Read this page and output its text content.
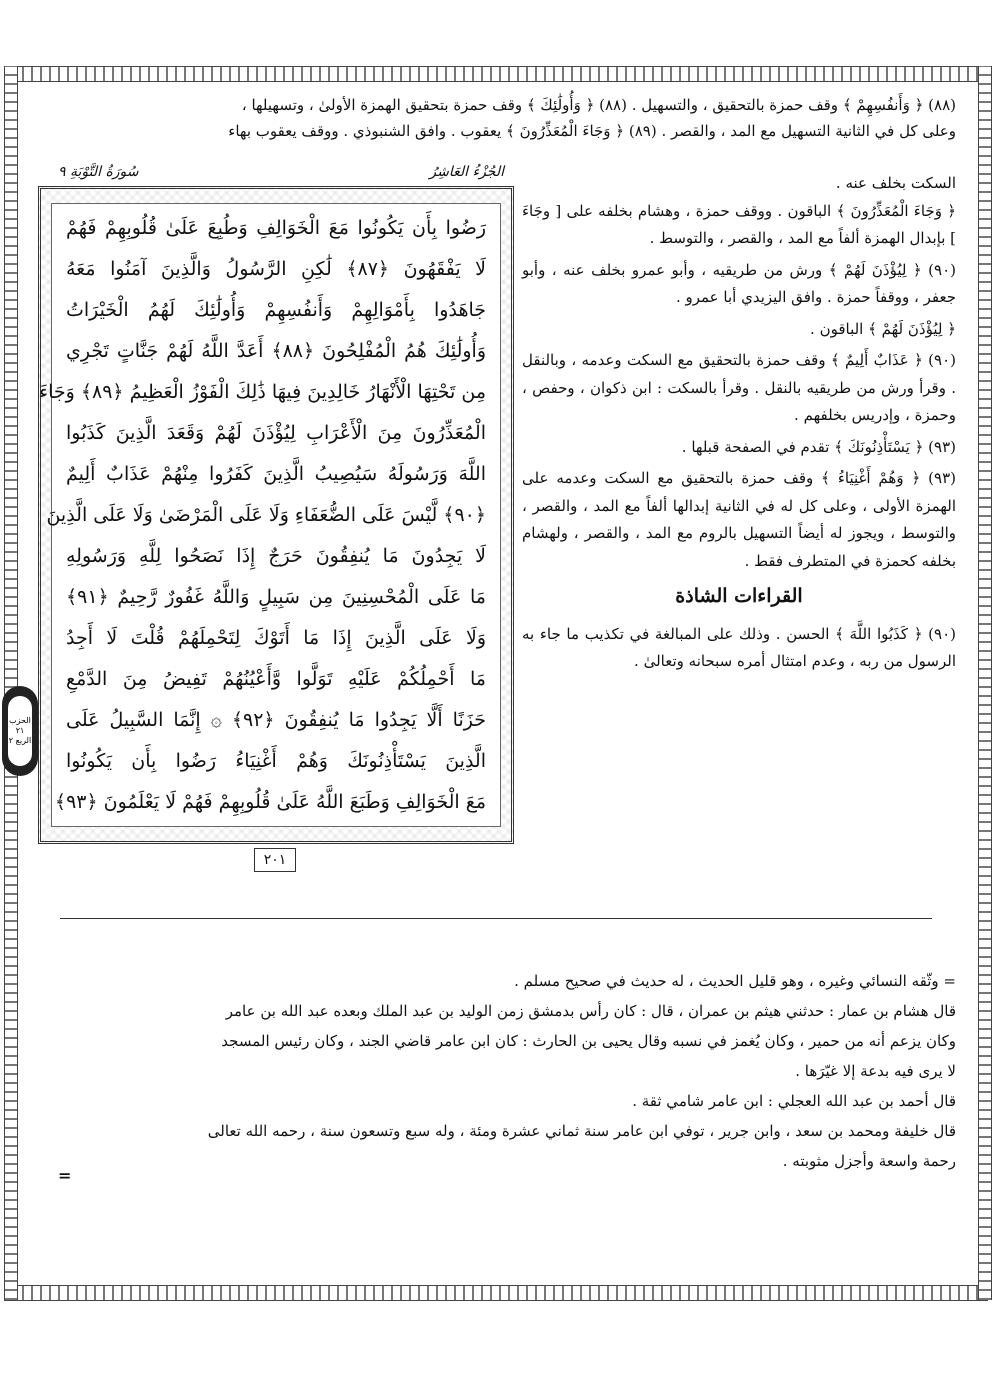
الحزب ٢١ الربع ٢
(٨٨) ﴿ وَأَنفُسِهِمْ ﴾ وقف حمزة بالتحقيق ، والتسهيل . (٨٨) ﴿ وَأُولَٰئِكَ ﴾ وقف حمزة بتحقيق الهمزة الأولىٰ ، وتسهيلها ،
وعلى كل في الثانية التسهيل مع المد ، والقصر . (٨٩) ﴿ وَجَاءَ الْمُعَذِّرُونَ ﴾ يعقوب . وافق الشنبوذي . ووقف يعقوب بهاء
الجُزْءُ العَاشِرُ
سُورَةُ التَّوْبَةِ ٩
رَضُوا بِأَن يَكُونُوا مَعَ الْخَوَالِفِ وَطُبِعَ عَلَىٰ قُلُوبِهِمْ فَهُمْ
لَا يَفْقَهُونَ ﴿٨٧﴾ لَٰكِنِ الرَّسُولُ وَالَّذِينَ آمَنُوا مَعَهُ
جَاهَدُوا بِأَمْوَالِهِمْ وَأَنفُسِهِمْ وَأُولَٰئِكَ لَهُمُ الْخَيْرَاتُ
وَأُولَٰئِكَ هُمُ الْمُفْلِحُونَ ﴿٨٨﴾ أَعَدَّ اللَّهُ لَهُمْ جَنَّاتٍ تَجْرِي
مِن تَحْتِهَا الْأَنْهَارُ خَالِدِينَ فِيهَا ذَٰلِكَ الْفَوْزُ الْعَظِيمُ ﴿٨٩﴾ وَجَاءَ
الْمُعَذِّرُونَ مِنَ الْأَعْرَابِ لِيُؤْذَنَ لَهُمْ وَقَعَدَ الَّذِينَ كَذَبُوا
اللَّهَ وَرَسُولَهُ سَيُصِيبُ الَّذِينَ كَفَرُوا مِنْهُمْ عَذَابٌ أَلِيمٌ
﴿٩٠﴾ لَّيْسَ عَلَى الضُّعَفَاءِ وَلَا عَلَى الْمَرْضَىٰ وَلَا عَلَى الَّذِينَ
لَا يَجِدُونَ مَا يُنفِقُونَ حَرَجٌ إِذَا نَصَحُوا لِلَّهِ وَرَسُولِهِ
مَا عَلَى الْمُحْسِنِينَ مِن سَبِيلٍ وَاللَّهُ غَفُورٌ رَّحِيمٌ ﴿٩١﴾
وَلَا عَلَى الَّذِينَ إِذَا مَا أَتَوْكَ لِتَحْمِلَهُمْ قُلْتَ لَا أَجِدُ
مَا أَحْمِلُكُمْ عَلَيْهِ تَوَلَّوا وَّأَعْيُنُهُمْ تَفِيضُ مِنَ الدَّمْعِ
حَزَنًا أَلَّا يَجِدُوا مَا يُنفِقُونَ ﴿٩٢﴾ ۞ إِنَّمَا السَّبِيلُ عَلَى
الَّذِينَ يَسْتَأْذِنُونَكَ وَهُمْ أَغْنِيَاءُ رَضُوا بِأَن يَكُونُوا
مَعَ الْخَوَالِفِ وَطَبَعَ اللَّهُ عَلَىٰ قُلُوبِهِمْ فَهُمْ لَا يَعْلَمُونَ ﴿٩٣﴾
٢٠١

السكت بخلف عنه .

﴿ وَجَاءَ الْمُعَذِّرُونَ ﴾ الباقون . ووقف حمزة ، وهشام بخلفه على [ وجَاءَ ] بإبدال الهمزة ألفاً مع المد ، والقصر ، والتوسط .

(٩٠) ﴿ لِيُؤْذَنَ لَهُمْ ﴾ ورش من طريقيه ، وأبو عمرو بخلف عنه ، وأبو جعفر ، ووقفاً حمزة . وافق اليزيدي أبا عمرو .

﴿ لِيُؤْذَنَ لَهُمْ ﴾ الباقون .

(٩٠) ﴿ عَذَابٌ أَلِيمٌ ﴾ وقف حمزة بالتحقيق مع السكت وعدمه ، وبالنقل . وقرأ ورش من طريقيه بالنقل . وقرأ بالسكت : ابن ذكوان ، وحفص ، وحمزة ، وإدريس بخلفهم .

(٩٣) ﴿ يَسْتَأْذِنُونَكَ ﴾ تقدم في الصفحة قبلها .

(٩٣) ﴿ وَهُمْ أَغْنِيَاءُ ﴾ وقف حمزة بالتحقيق مع السكت وعدمه على الهمزة الأولى ، وعلى كل له في الثانية إبدالها ألفاً مع المد ، والقصر ، والتوسط ، ويجوز له أيضاً التسهيل بالروم مع المد ، والقصر ، ولهشام بخلفه كحمزة في المتطرف فقط .

القراءات الشاذة

(٩٠) ﴿ كَذَبُوا اللَّهَ ﴾ الحسن . وذلك على المبالغة في تكذيب ما جاء به الرسول من ربه ، وعدم امتثال أمره سبحانه وتعالىٰ .

= وثّقه النسائي وغيره ، وهو قليل الحديث ، له حديث في صحيح مسلم .
قال هشام بن عمار : حدثني هيثم بن عمران ، قال : كان رأس بدمشق زمن الوليد بن عبد الملك وبعده عبد الله بن عامر
وكان يزعم أنه من حمير ، وكان يُغمز في نسبه وقال يحيى بن الحارث : كان ابن عامر قاضي الجند ، وكان رئيس المسجد
لا يرى فيه بدعة إلا غيّرَها .
قال أحمد بن عبد الله العجلي : ابن عامر شامي ثقة .
قال خليفة ومحمد بن سعد ، وابن جرير ، توفي ابن عامر سنة ثماني عشرة ومئة ، وله سبع وتسعون سنة ، رحمه الله تعالى
رحمة واسعة وأجزل مثوبته .
=
